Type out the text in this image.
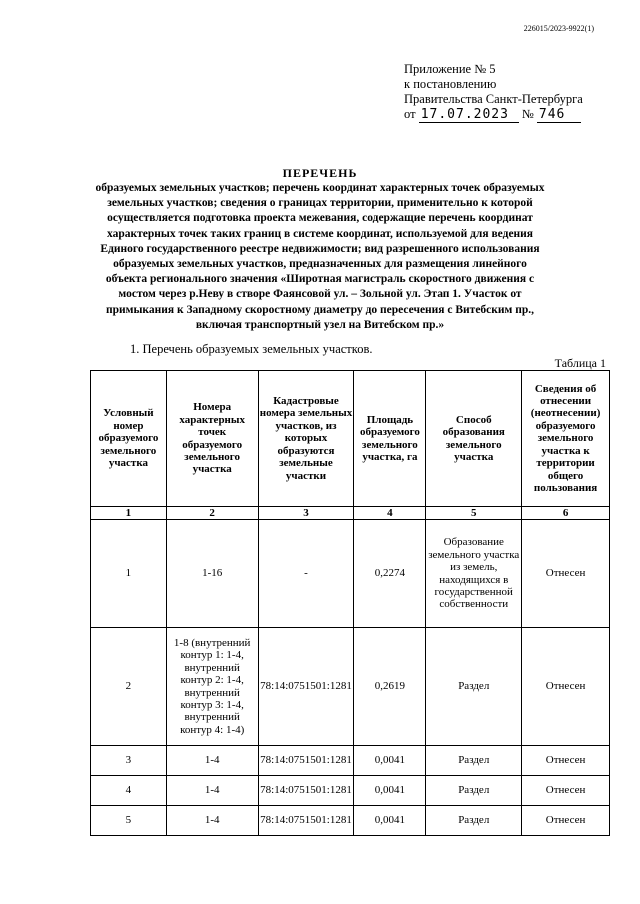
226015/2023-9922(1)
Приложение № 5
к постановлению
Правительства Санкт-Петербурга
от 17.07.2023 № 746
ПЕРЕЧЕНЬ
образуемых земельных участков; перечень координат характерных точек образуемых земельных участков; сведения о границах территории, применительно к которой осуществляется подготовка проекта межевания, содержащие перечень координат характерных точек таких границ в системе координат, используемой для ведения Единого государственного реестре недвижимости; вид разрешенного использования образуемых земельных участков, предназначенных для размещения линейного объекта регионального значения «Широтная магистраль скоростного движения с мостом через р.Неву в створе Фаянсовой ул. – Зольной ул. Этап 1. Участок от примыкания к Западному скоростному диаметру до пересечения с Витебским пр., включая транспортный узел на Витебском пр.»
1. Перечень образуемых земельных участков.
Таблица 1
Условный номер образуемого земельного участка	Номера характерных точек образуемого земельного участка	Кадастровые номера земельных участков, из которых образуются земельные участки	Площадь образуемого земельного участка, га	Способ образования земельного участка	Сведения об отнесении (неотнесении) образуемого земельного участка к территории общего пользования
1	2	3	4	5	6
1	1-16	-	0,2274	Образование земельного участка из земель, находящихся в государственной собственности	Отнесен
2	1-8 (внутренний контур 1: 1-4, внутренний контур 2: 1-4, внутренний контур 3: 1-4, внутренний контур 4: 1-4)	78:14:0751501:1281	0,2619	Раздел	Отнесен
3	1-4	78:14:0751501:1281	0,0041	Раздел	Отнесен
4	1-4	78:14:0751501:1281	0,0041	Раздел	Отнесен
5	1-4	78:14:0751501:1281	0,0041	Раздел	Отнесен
